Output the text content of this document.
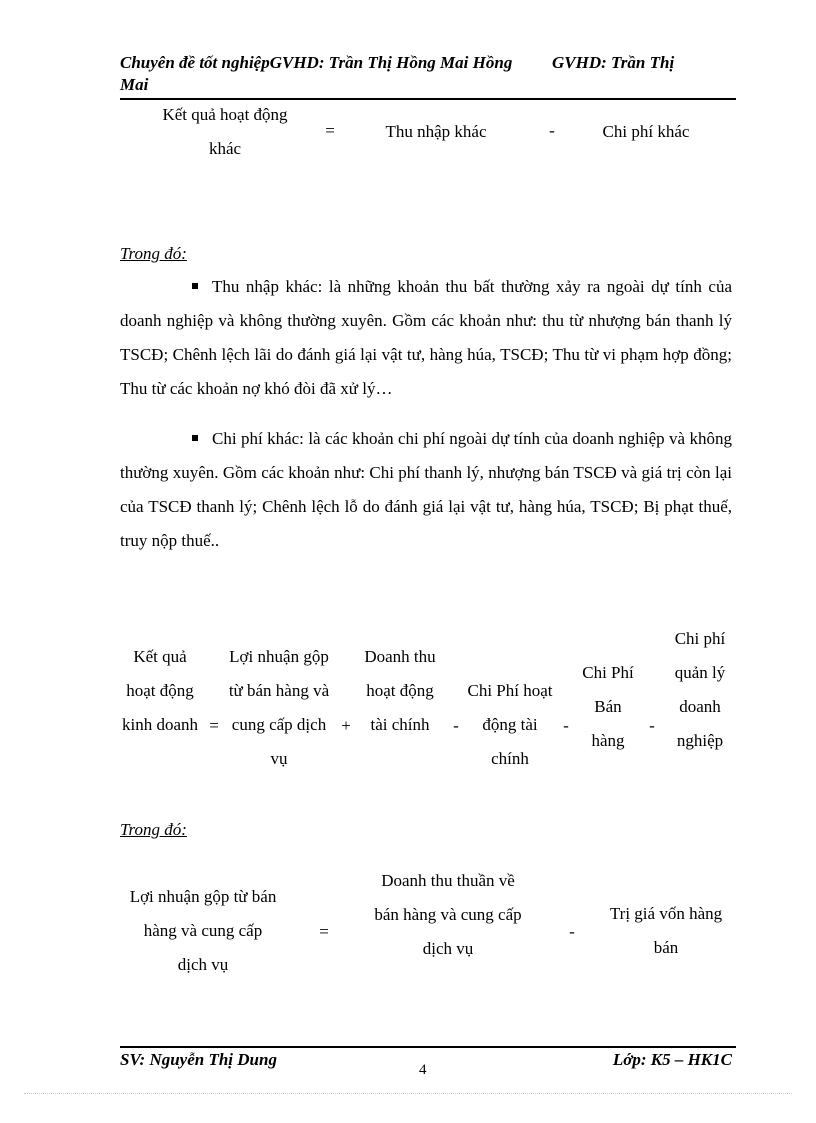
Chuyên đề tốt nghiệpGVHD: Trần Thị Hồng Mai Hồng Mai
GVHD: Trần Thị
Kết quả hoạt động khác
=	Thu nhập khác	-	Chi phí khác
Trong đó:
Thu nhập khác: là những khoản thu bất thường xảy ra ngoài dự tính của doanh nghiệp và không thường xuyên. Gồm các khoản như: thu từ nhượng bán thanh lý TSCĐ; Chênh lệch lãi do đánh giá lại vật tư, hàng húa, TSCĐ; Thu từ vi phạm hợp đồng; Thu từ các khoản nợ khó đòi đã xử lý…
Chi phí khác: là các khoản chi phí ngoài dự tính của doanh nghiệp và không thường xuyên. Gồm các khoản như: Chi phí thanh lý, nhượng bán TSCĐ và giá trị còn lại của TSCĐ thanh lý; Chênh lệch lỗ do đánh giá lại vật tư, hàng húa, TSCĐ; Bị phạt thuế, truy nộp thuế..
Kết quả hoạt động kinh doanh =
Lợi nhuận gộp từ bán hàng và cung cấp dịch vụ
+
Doanh thu hoạt động tài chính	-
Chi Phí hoạt động tài chính
-
Chi Phí Bán hàng
-
Chi phí quản lý doanh nghiệp
Trong đó:
Lợi nhuận gộp từ bán hàng và cung cấp dịch vụ
=
Doanh thu thuần về bán hàng và cung cấp dịch vụ
-
Trị giá vốn hàng bán
SV: Nguyễn Thị Dung	Lớp: K5 – HK1C
4
